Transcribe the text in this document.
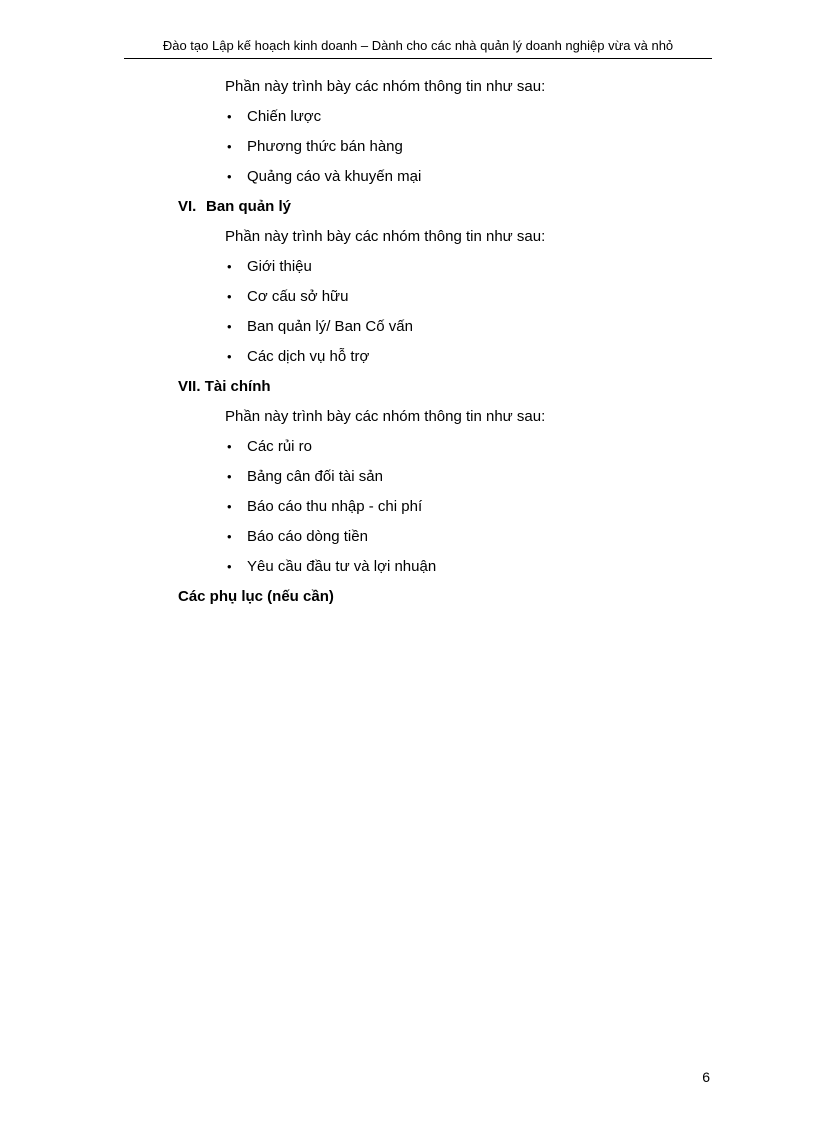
Đào tạo Lập kế hoạch kinh doanh – Dành cho các nhà quản lý doanh nghiệp vừa và nhỏ
Phần này trình bày các nhóm thông tin như sau:
• Chiến lược
• Phương thức bán hàng
• Quảng cáo và khuyến mại
VI. Ban quản lý
Phần này trình bày các nhóm thông tin như sau:
• Giới thiệu
• Cơ cấu sở hữu
• Ban quản lý/ Ban Cố vấn
• Các dịch vụ hỗ trợ
VII. Tài chính
Phần này trình bày các nhóm thông tin như sau:
• Các rủi ro
• Bảng cân đối tài sản
• Báo cáo thu nhập - chi phí
• Báo cáo dòng tiền
• Yêu cầu đầu tư và lợi nhuận
Các phụ lục (nếu cần)
6
